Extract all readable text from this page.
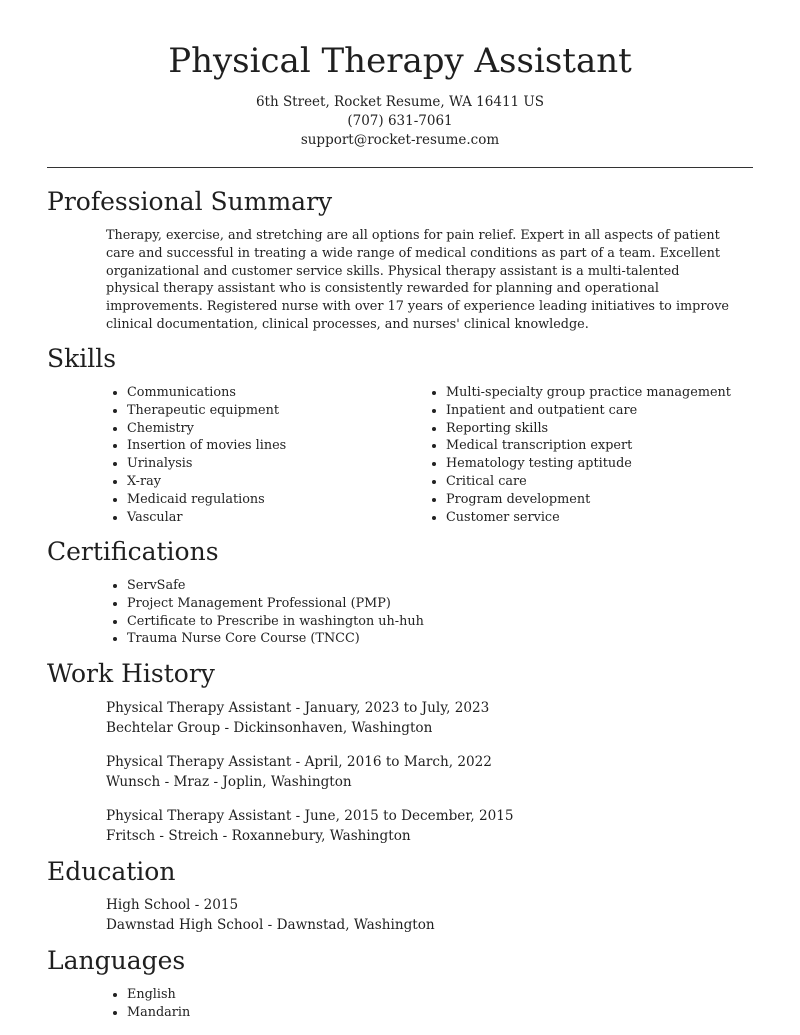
Physical Therapy Assistant
6th Street, Rocket Resume, WA 16411 US
(707) 631-7061
support@rocket-resume.com
Professional Summary

Therapy, exercise, and stretching are all options for pain relief. Expert in all aspects of patient care and successful in treating a wide range of medical conditions as part of a team. Excellent organizational and customer service skills. Physical therapy assistant is a multi-talented physical therapy assistant who is consistently rewarded for planning and operational improvements. Registered nurse with over 17 years of experience leading initiatives to improve clinical documentation, clinical processes, and nurses' clinical knowledge.

Skills
• Communications
• Therapeutic equipment
• Chemistry
• Insertion of movies lines
• Urinalysis
• X-ray
• Medicaid regulations
• Vascular
• Multi-specialty group practice management
• Inpatient and outpatient care
• Reporting skills
• Medical transcription expert
• Hematology testing aptitude
• Critical care
• Program development
• Customer service
Certifications
• ServSafe
• Project Management Professional (PMP)
• Certificate to Prescribe in washington uh-huh
• Trauma Nurse Core Course (TNCC)
Work History
Physical Therapy Assistant - January, 2023 to July, 2023
Bechtelar Group - Dickinsonhaven, Washington
Physical Therapy Assistant - April, 2016 to March, 2022
Wunsch - Mraz - Joplin, Washington
Physical Therapy Assistant - June, 2015 to December, 2015
Fritsch - Streich - Roxannebury, Washington
Education
High School - 2015
Dawnstad High School - Dawnstad, Washington
Languages
• English
• Mandarin
